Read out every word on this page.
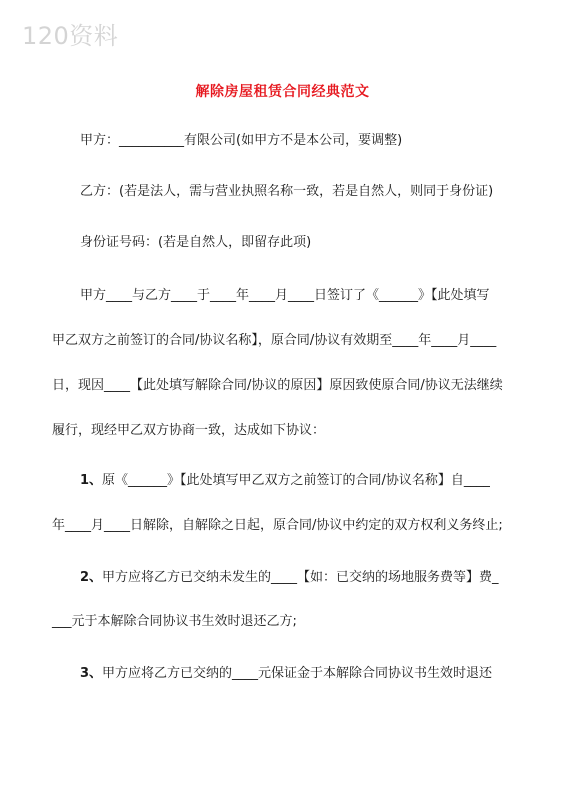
120资料
解除房屋租赁合同经典范文
甲方：__________有限公司(如甲方不是本公司，要调整)
乙方：(若是法人，需与营业执照名称一致，若是自然人，则同于身份证)
身份证号码：(若是自然人，即留存此项)
甲方____与乙方____于____年____月____日签订了《______》【此处填写
甲乙双方之前签订的合同/协议名称】，原合同/协议有效期至____年____月____
日，现因____【此处填写解除合同/协议的原因】原因致使原合同/协议无法继续
履行，现经甲乙双方协商一致，达成如下协议：
1、原《______》【此处填写甲乙双方之前签订的合同/协议名称】自____
年____月____日解除，自解除之日起，原合同/协议中约定的双方权利义务终止;
2、甲方应将乙方已交纳未发生的____【如：已交纳的场地服务费等】费_
___元于本解除合同协议书生效时退还乙方;
3、甲方应将乙方已交纳的____元保证金于本解除合同协议书生效时退还
